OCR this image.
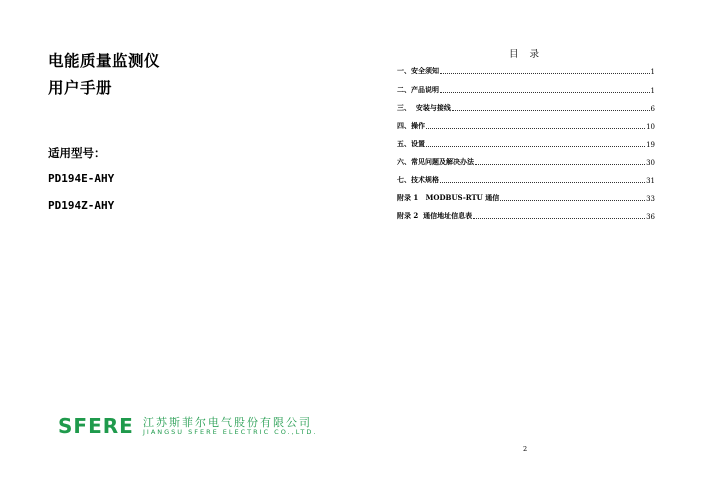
电能质量监测仪
用户手册
适用型号：
PD194E-AHY
PD194Z-AHY
SFERE 江苏斯菲尔电气股份有限公司
JIANGSU SFERE ELECTRIC CO.,LTD.
目 录
一、安全须知	1
二、产品说明	1
三、  安装与接线	6
四、操作	10
五、设置	19
六、常见问题及解决办法	30
七、技术规格	31
附录 1   MODBUS-RTU 通信	33
附录 2  通信地址信息表	36
2
